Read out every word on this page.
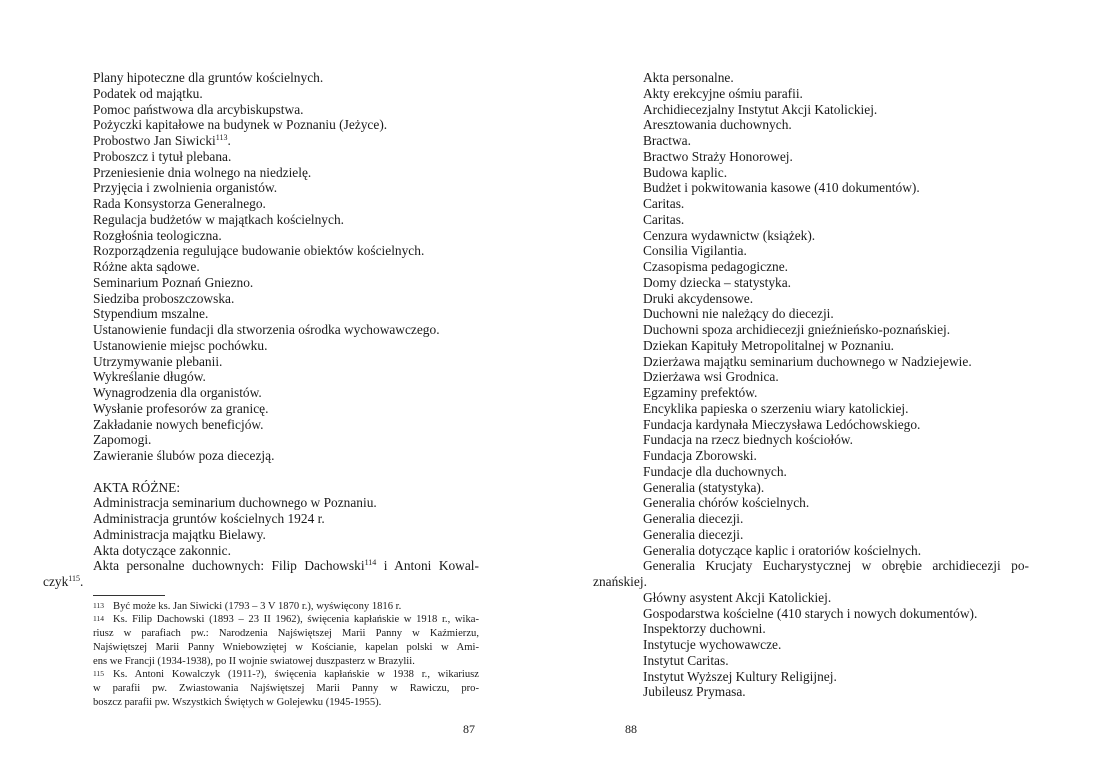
Plany hipoteczne dla gruntów kościelnych.
Podatek od majątku.
Pomoc państwowa dla arcybiskupstwa.
Pożyczki kapitałowe na budynek w Poznaniu (Jeżyce).
Probostwo Jan Siwicki$^{113}$.
Proboszcz i tytuł plebana.
Przeniesienie dnia wolnego na niedzielę.
Przyjęcia i zwolnienia organistów.
Rada Konsystorza Generalnego.
Regulacja budżetów w majątkach kościelnych.
Rozgłośnia teologiczna.
Rozporządzenia regulujące budowanie obiektów kościelnych.
Różne akta sądowe.
Seminarium Poznań Gniezno.
Siedziba proboszczowska.
Stypendium mszalne.
Ustanowienie fundacji dla stworzenia ośrodka wychowawczego.
Ustanowienie miejsc pochówku.
Utrzymywanie plebanii.
Wykreślanie długów.
Wynagrodzenia dla organistów.
Wysłanie profesorów za granicę.
Zakładanie nowych beneficjów.
Zapomogi.
Zawieranie ślubów poza diecezją.
AKTA RÓŻNE:
Administracja seminarium duchownego w Poznaniu.
Administracja gruntów kościelnych 1924 r.
Administracja majątku Bielawy.
Akta dotyczące zakonnic.
Akta personalne duchownych: Filip Dachowski$^{114}$ i Antoni Kowal-
czyk$^{115}$.
113 Być może ks. Jan Siwicki (1793 – 3 V 1870 r.), wyświęcony 1816 r.
114 Ks. Filip Dachowski (1893 – 23 II 1962), święcenia kapłańskie w 1918 r., wika-
riusz w parafiach pw.: Narodzenia Najświętszej Marii Panny w Kaźmierzu,
Najświętszej Marii Panny Wniebowziętej w Kościanie, kapelan polski w Ami-
ens we Francji (1934-1938), po II wojnie swiatowej duszpasterz w Brazylii.
115 Ks. Antoni Kowalczyk (1911-?), święcenia kapłańskie w 1938 r., wikariusz
w parafii pw. Zwiastowania Najświętszej Marii Panny w Rawiczu, pro-
boszcz parafii pw. Wszystkich Świętych w Golejewku (1945-1955).
87
Akta personalne.
Akty erekcyjne ośmiu parafii.
Archidiecezjalny Instytut Akcji Katolickiej.
Aresztowania duchownych.
Bractwa.
Bractwo Straży Honorowej.
Budowa kaplic.
Budżet i pokwitowania kasowe (410 dokumentów).
Caritas.
Caritas.
Cenzura wydawnictw (książek).
Consilia Vigilantia.
Czasopisma pedagogiczne.
Domy dziecka – statystyka.
Druki akcydensowe.
Duchowni nie należący do diecezji.
Duchowni spoza archidiecezji gnieźnieńsko-poznańskiej.
Dziekan Kapituły Metropolitalnej w Poznaniu.
Dzierżawa majątku seminarium duchownego w Nadziejewie.
Dzierżawa wsi Grodnica.
Egzaminy prefektów.
Encyklika papieska o szerzeniu wiary katolickiej.
Fundacja kardynała Mieczysława Ledóchowskiego.
Fundacja na rzecz biednych kościołów.
Fundacja Zborowski.
Fundacje dla duchownych.
Generalia (statystyka).
Generalia chórów kościelnych.
Generalia diecezji.
Generalia diecezji.
Generalia dotyczące kaplic i oratoriów kościelnych.
Generalia Krucjaty Eucharystycznej w obrębie archidiecezji po-
znańskiej.
Główny asystent Akcji Katolickiej.
Gospodarstwa kościelne (410 starych i nowych dokumentów).
Inspektorzy duchowni.
Instytucje wychowawcze.
Instytut Caritas.
Instytut Wyższej Kultury Religijnej.
Jubileusz Prymasa.
88
